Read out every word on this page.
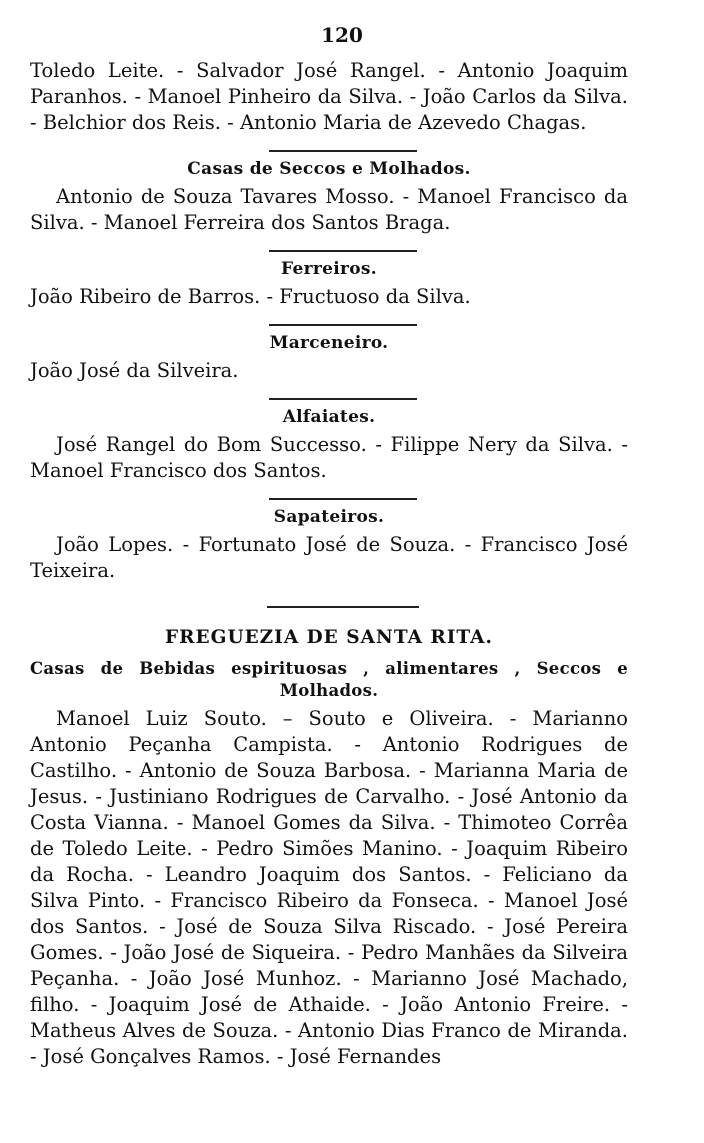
120

Toledo Leite. - Salvador José Rangel. - Antonio Joaquim Paranhos. - Manoel Pinheiro da Silva. - João Carlos da Silva. - Belchior dos Reis. - Antonio Maria de Azevedo Chagas.

Casas de Seccos e Molhados.

Antonio de Souza Tavares Mosso. - Manoel Francisco da Silva. - Manoel Ferreira dos Santos Braga.

Ferreiros.

João Ribeiro de Barros. - Fructuoso da Silva.

Marceneiro.

João José da Silveira.

Alfaiates.

José Rangel do Bom Successo. - Filippe Nery da Silva. - Manoel Francisco dos Santos.

Sapateiros.

João Lopes. - Fortunato José de Souza. - Francisco José Teixeira.

FREGUEZIA DE SANTA RITA.
Casas de Bebidas espirituosas , alimentares , Seccos e
Molhados.

Manoel Luiz Souto. – Souto e Oliveira. - Marianno Antonio Peçanha Campista. - Antonio Rodrigues de Castilho. - Antonio de Souza Barbosa. - Marianna Maria de Jesus. - Justiniano Rodrigues de Carvalho. - José Antonio da Costa Vianna. - Manoel Gomes da Silva. - Thimoteo Corrêa de Toledo Leite. - Pedro Simões Manino. - Joaquim Ribeiro da Rocha. - Leandro Joaquim dos Santos. - Feliciano da Silva Pinto. - Francisco Ribeiro da Fonseca. - Manoel José dos Santos. - José de Souza Silva Riscado. - José Pereira Gomes. - João José de Siqueira. - Pedro Manhães da Silveira Peçanha. - João José Munhoz. - Marianno José Machado, filho. - Joaquim José de Athaide. - João Antonio Freire. - Matheus Alves de Souza. - Antonio Dias Franco de Miranda. - José Gonçalves Ramos. - José Fernandes
